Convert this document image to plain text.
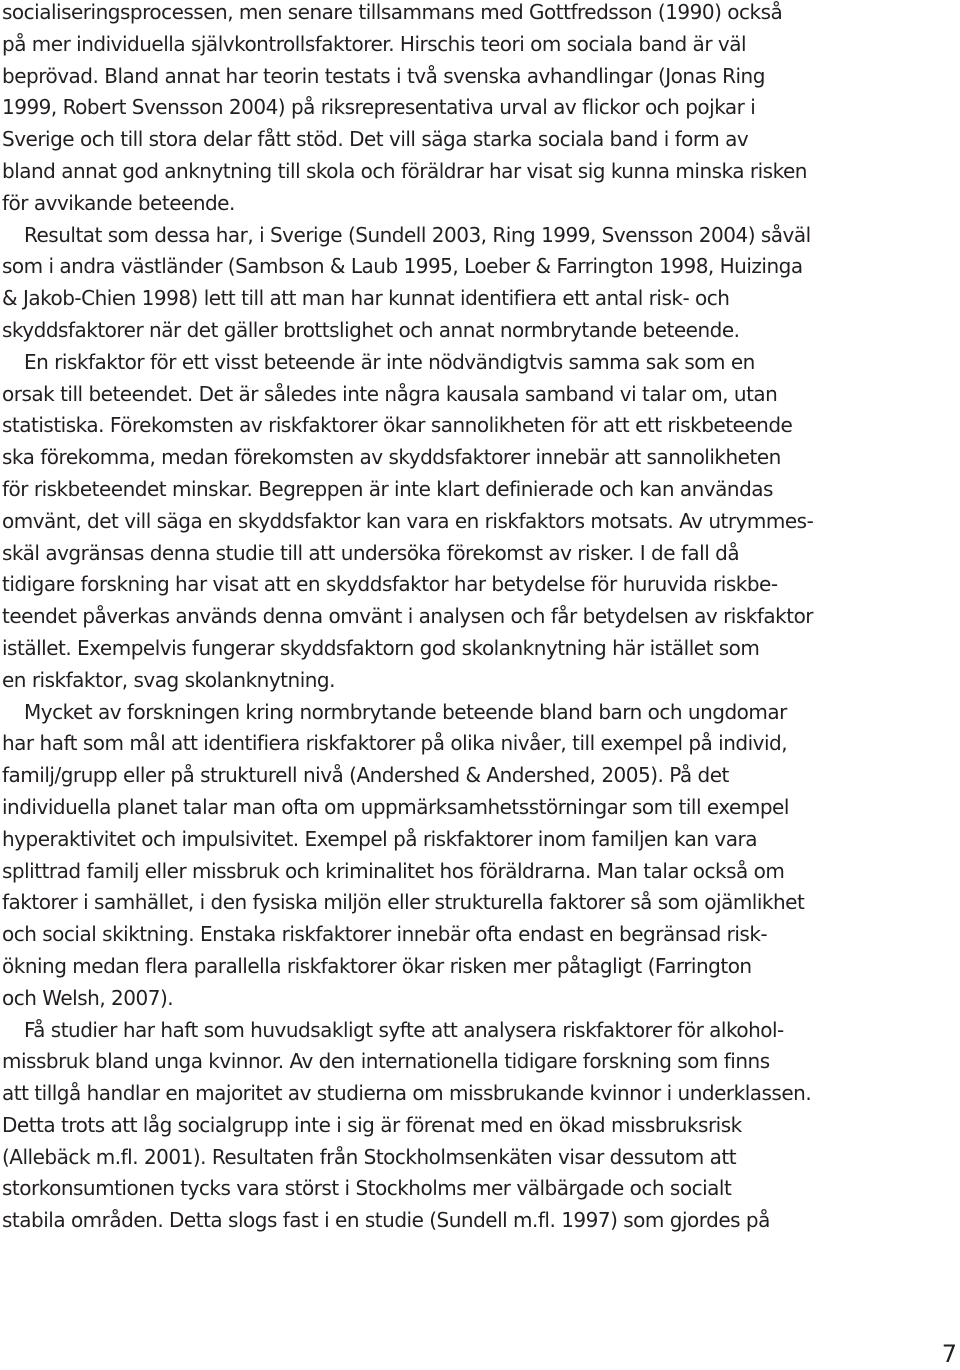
socialiseringsprocessen, men senare tillsammans med Gottfredsson (1990) också
på mer individuella självkontrollsfaktorer. Hirschis teori om sociala band är väl
beprövad. Bland annat har teorin testats i två svenska avhandlingar (Jonas Ring
1999, Robert Svensson 2004) på riksrepresentativa urval av flickor och pojkar i
Sverige och till stora delar fått stöd. Det vill säga starka sociala band i form av
bland annat god anknytning till skola och föräldrar har visat sig kunna minska risken
för avvikande beteende.
Resultat som dessa har, i Sverige (Sundell 2003, Ring 1999, Svensson 2004) såväl
som i andra västländer (Sambson & Laub 1995, Loeber & Farrington 1998, Huizinga
& Jakob-Chien 1998) lett till att man har kunnat identifiera ett antal risk- och
skyddsfaktorer när det gäller brottslighet och annat normbrytande beteende.
En riskfaktor för ett visst beteende är inte nödvändigtvis samma sak som en
orsak till beteendet. Det är således inte några kausala samband vi talar om, utan
statistiska. Förekomsten av riskfaktorer ökar sannolikheten för att ett riskbeteende
ska förekomma, medan förekomsten av skyddsfaktorer innebär att sannolikheten
för riskbeteendet minskar. Begreppen är inte klart definierade och kan användas
omvänt, det vill säga en skyddsfaktor kan vara en riskfaktors motsats. Av utrymmes-
skäl avgränsas denna studie till att undersöka förekomst av risker. I de fall då
tidigare forskning har visat att en skyddsfaktor har betydelse för huruvida riskbe-
teendet påverkas används denna omvänt i analysen och får betydelsen av riskfaktor
istället. Exempelvis fungerar skyddsfaktorn god skolanknytning här istället som
en riskfaktor, svag skolanknytning.
Mycket av forskningen kring normbrytande beteende bland barn och ungdomar
har haft som mål att identifiera riskfaktorer på olika nivåer, till exempel på individ,
familj/grupp eller på strukturell nivå (Andershed & Andershed, 2005). På det
individuella planet talar man ofta om uppmärksamhetsstörningar som till exempel
hyperaktivitet och impulsivitet. Exempel på riskfaktorer inom familjen kan vara
splittrad familj eller missbruk och kriminalitet hos föräldrarna. Man talar också om
faktorer i samhället, i den fysiska miljön eller strukturella faktorer så som ojämlikhet
och social skiktning. Enstaka riskfaktorer innebär ofta endast en begränsad risk-
ökning medan flera parallella riskfaktorer ökar risken mer påtagligt (Farrington
och Welsh, 2007).
Få studier har haft som huvudsakligt syfte att analysera riskfaktorer för alkohol-
missbruk bland unga kvinnor. Av den internationella tidigare forskning som finns
att tillgå handlar en majoritet av studierna om missbrukande kvinnor i underklassen.
Detta trots att låg socialgrupp inte i sig är förenat med en ökad missbruksrisk
(Allebäck m.fl. 2001). Resultaten från Stockholmsenkäten visar dessutom att
storkonsumtionen tycks vara störst i Stockholms mer välbärgade och socialt
stabila områden. Detta slogs fast i en studie (Sundell m.fl. 1997) som gjordes på
7
